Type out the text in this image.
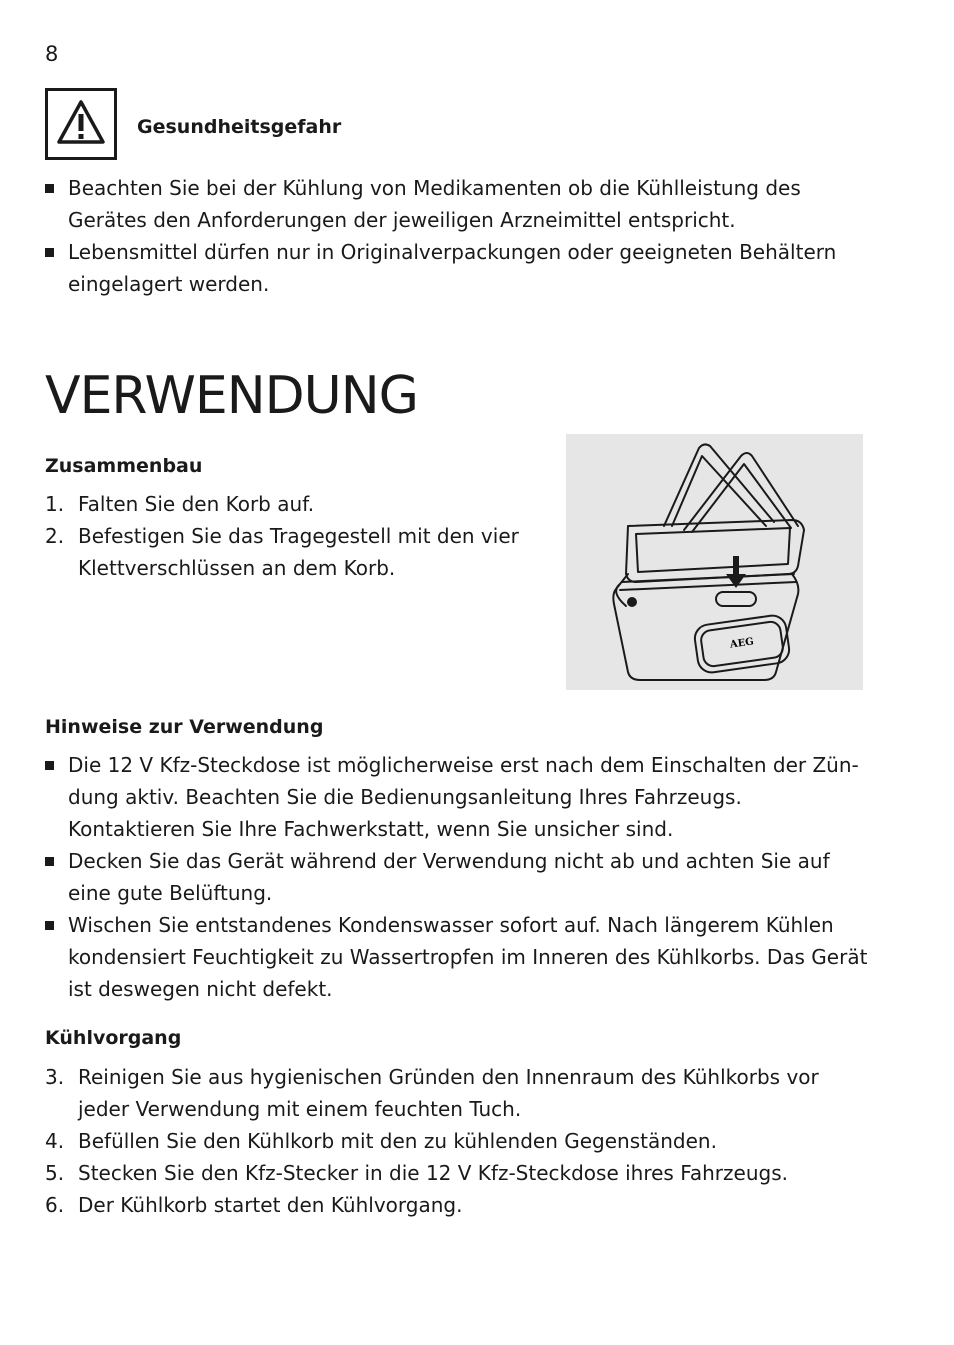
8
Gesundheitsgefahr
Beachten Sie bei der Kühlung von Medikamenten ob die Kühlleistung des Gerätes den Anforderungen der jeweiligen Arzneimittel entspricht.
Lebensmittel dürfen nur in Originalverpackungen oder geeigneten Behältern eingelagert werden.
VERWENDUNG
Zusammenbau
1. Falten Sie den Korb auf.
2. Befestigen Sie das Tragegestell mit den vier Klettverschlüssen an dem Korb.
AEG
Hinweise zur Verwendung
Die 12 V Kfz-Steckdose ist möglicherweise erst nach dem Einschalten der Zün-dung aktiv. Beachten Sie die Bedienungsanleitung Ihres Fahrzeugs. Kontaktieren Sie Ihre Fachwerkstatt, wenn Sie unsicher sind.
Decken Sie das Gerät während der Verwendung nicht ab und achten Sie auf eine gute Belüftung.
Wischen Sie entstandenes Kondenswasser sofort auf. Nach längerem Kühlen kondensiert Feuchtigkeit zu Wassertropfen im Inneren des Kühlkorbs. Das Gerät ist deswegen nicht defekt.
Kühlvorgang
3. Reinigen Sie aus hygienischen Gründen den Innenraum des Kühlkorbs vor jeder Verwendung mit einem feuchten Tuch.
4. Befüllen Sie den Kühlkorb mit den zu kühlenden Gegenständen.
5. Stecken Sie den Kfz-Stecker in die 12 V Kfz-Steckdose ihres Fahrzeugs.
6. Der Kühlkorb startet den Kühlvorgang.
